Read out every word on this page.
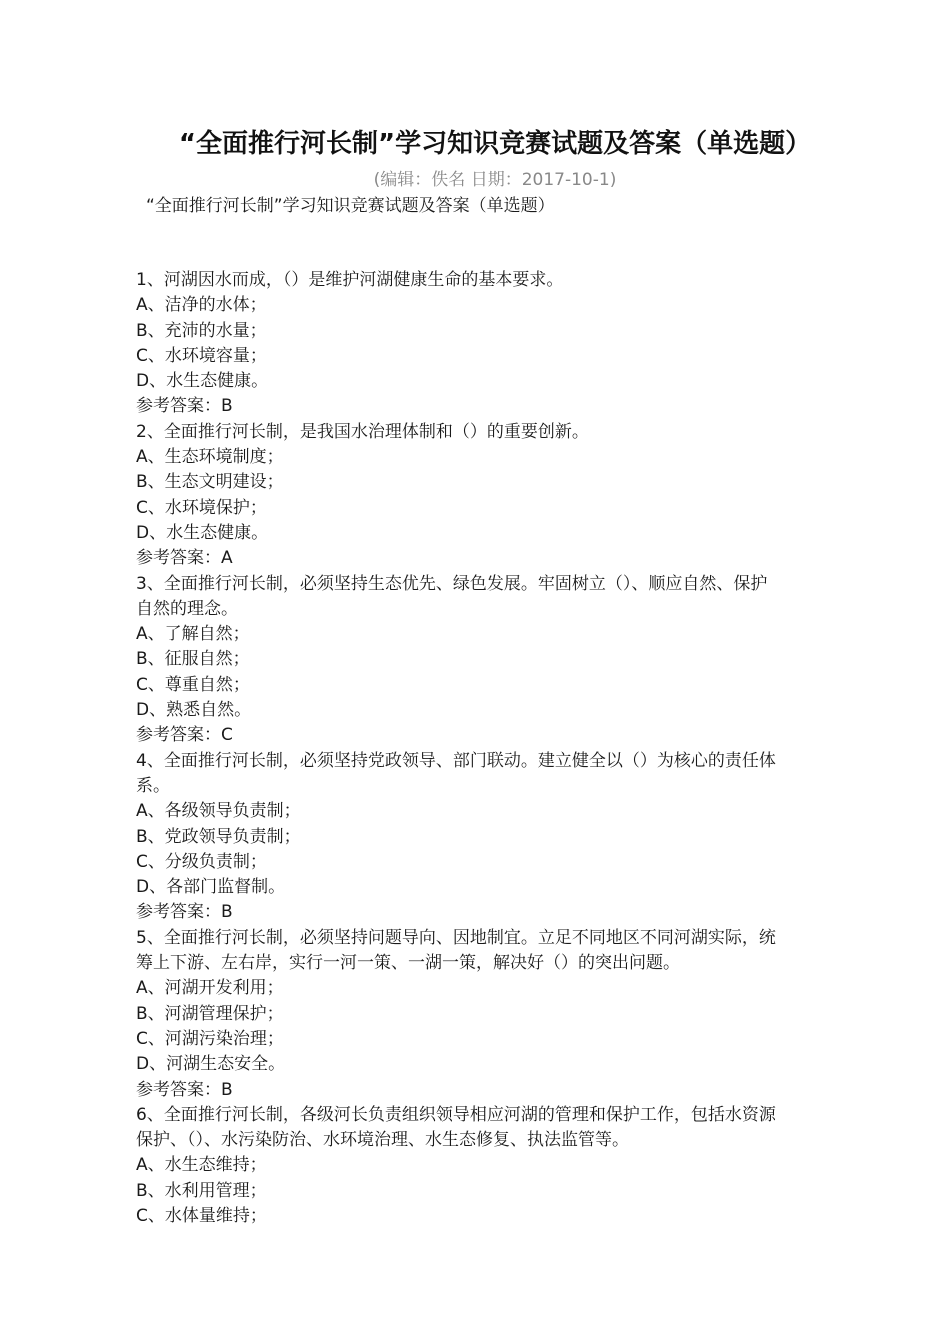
“全面推行河长制”学习知识竞赛试题及答案（单选题）
(编辑：佚名 日期：2017-10-1)
“全面推行河长制”学习知识竞赛试题及答案（单选题）
1、河湖因水而成，（）是维护河湖健康生命的基本要求。
A、洁净的水体；
B、充沛的水量；
C、水环境容量；
D、水生态健康。
参考答案：B
2、全面推行河长制，是我国水治理体制和（）的重要创新。
A、生态环境制度；
B、生态文明建设；
C、水环境保护；
D、水生态健康。
参考答案：A
3、全面推行河长制，必须坚持生态优先、绿色发展。牢固树立（）、顺应自然、保护
自然的理念。
A、了解自然；
B、征服自然；
C、尊重自然；
D、熟悉自然。
参考答案：C
4、全面推行河长制，必须坚持党政领导、部门联动。建立健全以（）为核心的责任体
系。
A、各级领导负责制；
B、党政领导负责制；
C、分级负责制；
D、各部门监督制。
参考答案：B
5、全面推行河长制，必须坚持问题导向、因地制宜。立足不同地区不同河湖实际，统
筹上下游、左右岸，实行一河一策、一湖一策，解决好（）的突出问题。
A、河湖开发利用；
B、河湖管理保护；
C、河湖污染治理；
D、河湖生态安全。
参考答案：B
6、全面推行河长制，各级河长负责组织领导相应河湖的管理和保护工作，包括水资源
保护、（）、水污染防治、水环境治理、水生态修复、执法监管等。
A、水生态维持；
B、水利用管理；
C、水体量维持；
